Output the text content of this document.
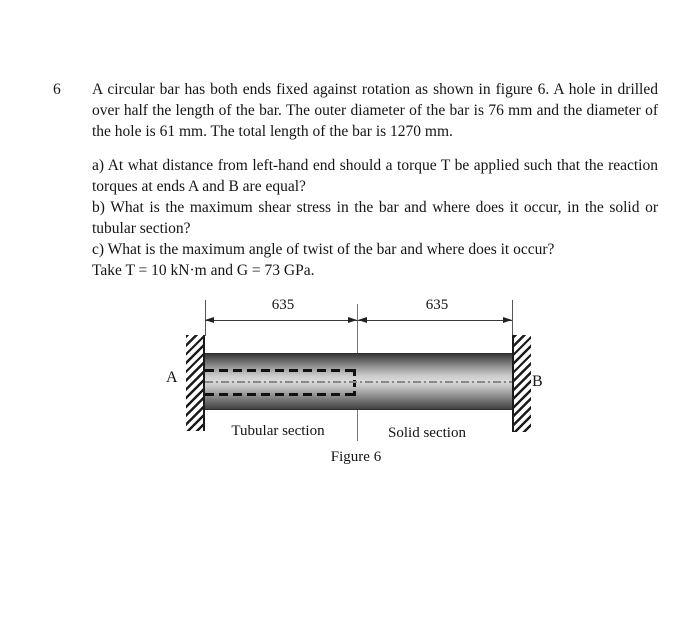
6 A circular bar has both ends fixed against rotation as shown in figure 6. A hole in drilled over half the length of the bar. The outer diameter of the bar is 76 mm and the diameter of the hole is 61 mm. The total length of the bar is 1270 mm.

a) At what distance from left-hand end should a torque T be applied such that the reaction torques at ends A and B are equal?

b) What is the maximum shear stress in the bar and where does it occur, in the solid or tubular section?

c) What is the maximum angle of twist of the bar and where does it occur?

Take T = 10 kN·m and G = 73 GPa.

635	635
A	B
Tubular section	Solid section
Figure 6
